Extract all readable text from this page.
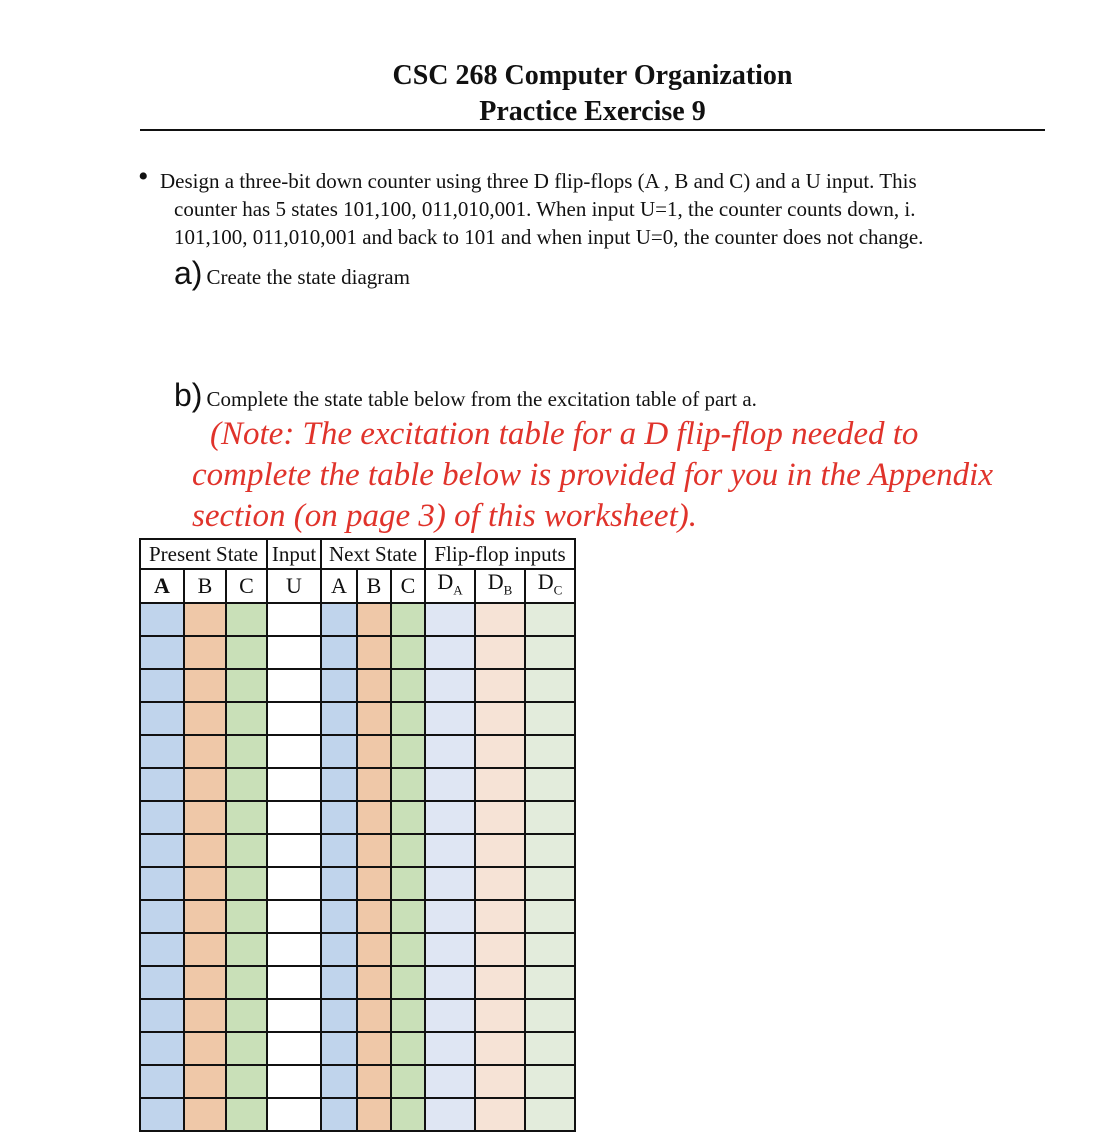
CSC 268 Computer Organization
Practice Exercise 9
• Design a three-bit down counter using three D flip-flops (A , B and C) and a U input. This
counter has 5 states 101,100, 011,010,001. When input U=1, the counter counts down, i.
101,100, 011,010,001 and back to 101 and when input U=0, the counter does not change.
a) Create the state diagram
b) Complete the state table below from the excitation table of part a.
(Note: The excitation table for a D flip-flop needed to
complete the table below is provided for you in the Appendix
section (on page 3) of this worksheet).
Present State			Input	Next State			Flip-flop inputs		
A	B	C	U	A	B	C	$D_A$	$D_B$	$D_C$
